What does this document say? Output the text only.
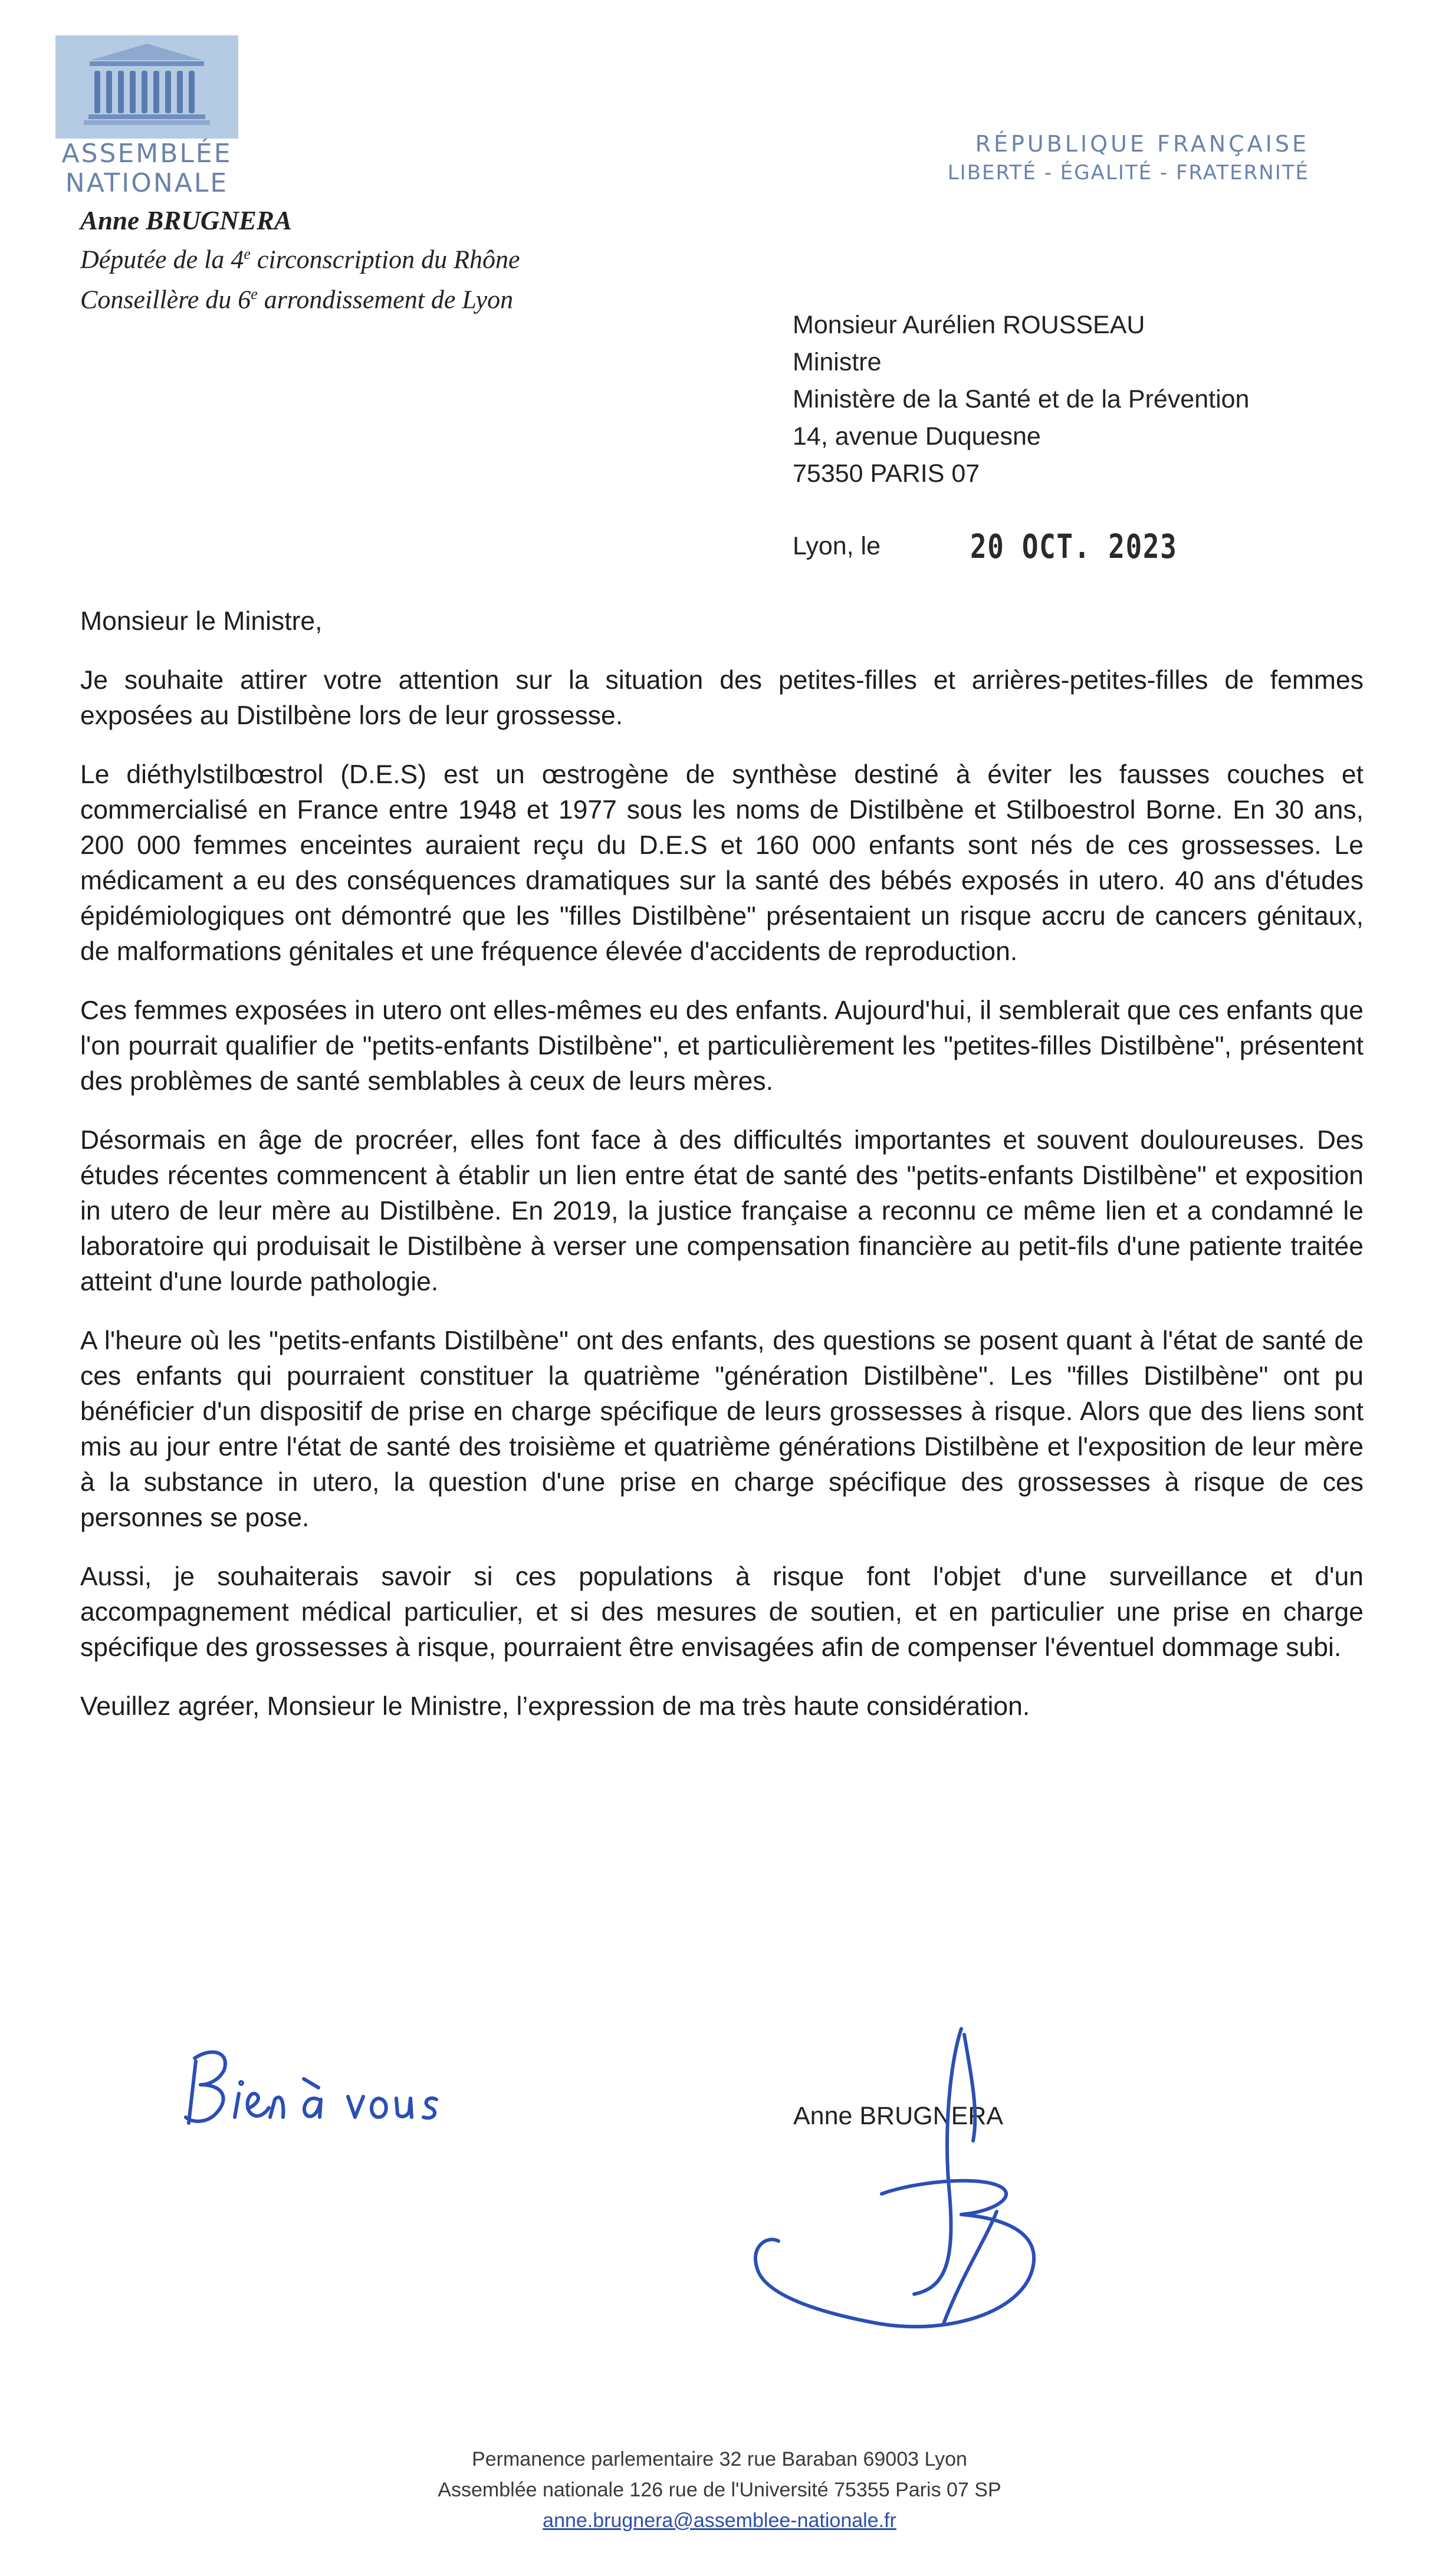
ASSEMBLÉE
NATIONALE
RÉPUBLIQUE FRANÇAISE
LIBERTÉ - ÉGALITÉ - FRATERNITÉ
Anne BRUGNERA
Députée de la 4e circonscription du Rhône
Conseillère du 6e arrondissement de Lyon
Monsieur Aurélien ROUSSEAU
Ministre
Ministère de la Santé et de la Prévention
14, avenue Duquesne
75350 PARIS 07
Lyon, le	20 OCT. 2023

Monsieur le Ministre,

Je souhaite attirer votre attention sur la situation des petites-filles et arrières-petites-filles de femmes exposées au Distilbène lors de leur grossesse.

Le diéthylstilbœstrol (D.E.S) est un œstrogène de synthèse destiné à éviter les fausses couches et commercialisé en France entre 1948 et 1977 sous les noms de Distilbène et Stilboestrol Borne. En 30 ans, 200 000 femmes enceintes auraient reçu du D.E.S et 160 000 enfants sont nés de ces grossesses. Le médicament a eu des conséquences dramatiques sur la santé des bébés exposés in utero. 40 ans d'études épidémiologiques ont démontré que les "filles Distilbène" présentaient un risque accru de cancers génitaux, de malformations génitales et une fréquence élevée d'accidents de reproduction.

Ces femmes exposées in utero ont elles-mêmes eu des enfants. Aujourd'hui, il semblerait que ces enfants que l'on pourrait qualifier de "petits-enfants Distilbène", et particulièrement les "petites-filles Distilbène", présentent des problèmes de santé semblables à ceux de leurs mères.

Désormais en âge de procréer, elles font face à des difficultés importantes et souvent douloureuses. Des études récentes commencent à établir un lien entre état de santé des "petits-enfants Distilbène" et exposition in utero de leur mère au Distilbène. En 2019, la justice française a reconnu ce même lien et a condamné le laboratoire qui produisait le Distilbène à verser une compensation financière au petit-fils d'une patiente traitée atteint d'une lourde pathologie.

A l'heure où les "petits-enfants Distilbène" ont des enfants, des questions se posent quant à l'état de santé de ces enfants qui pourraient constituer la quatrième "génération Distilbène". Les "filles Distilbène" ont pu bénéficier d'un dispositif de prise en charge spécifique de leurs grossesses à risque. Alors que des liens sont mis au jour entre l'état de santé des troisième et quatrième générations Distilbène et l'exposition de leur mère à la substance in utero, la question d'une prise en charge spécifique des grossesses à risque de ces personnes se pose.

Aussi, je souhaiterais savoir si ces populations à risque font l'objet d'une surveillance et d'un accompagnement médical particulier, et si des mesures de soutien, et en particulier une prise en charge spécifique des grossesses à risque, pourraient être envisagées afin de compenser l'éventuel dommage subi.

Veuillez agréer, Monsieur le Ministre, l’expression de ma très haute considération.

Anne BRUGNERA
Permanence parlementaire 32 rue Baraban 69003 Lyon
Assemblée nationale 126 rue de l'Université 75355 Paris 07 SP
anne.brugnera@assemblee-nationale.fr
